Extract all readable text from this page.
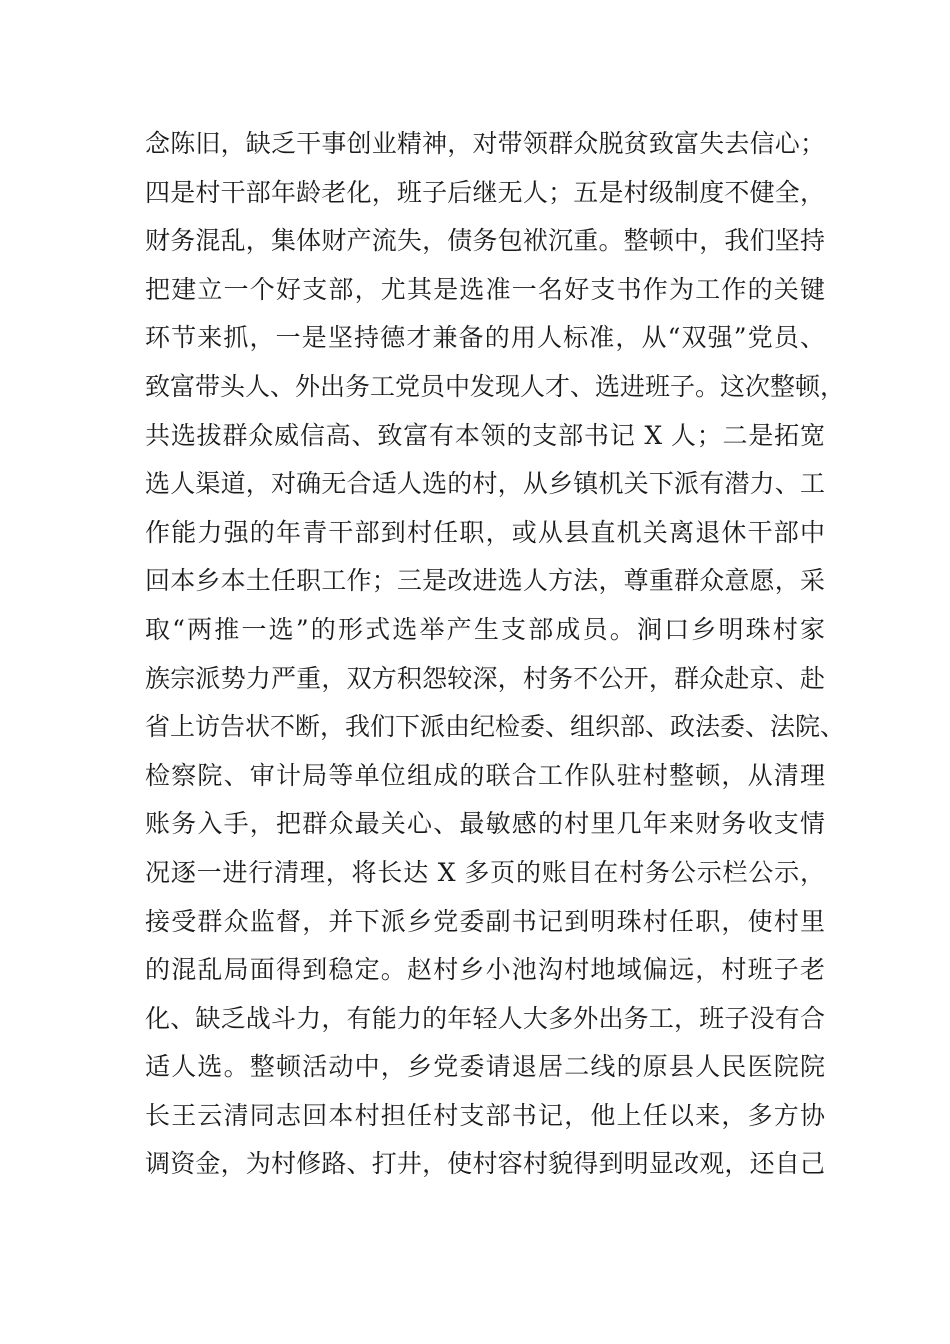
念陈旧，缺乏干事创业精神，对带领群众脱贫致富失去信心；
四是村干部年龄老化，班子后继无人；五是村级制度不健全，
财务混乱，集体财产流失，债务包袱沉重。整顿中，我们坚持
把建立一个好支部，尤其是选准一名好支书作为工作的关键
环节来抓，一是坚持德才兼备的用人标准，从“双强”党员、
致富带头人、外出务工党员中发现人才、选进班子。这次整顿，
共选拔群众威信高、致富有本领的支部书记 X 人；二是拓宽
选人渠道，对确无合适人选的村，从乡镇机关下派有潜力、工
作能力强的年青干部到村任职，或从县直机关离退休干部中
回本乡本土任职工作；三是改进选人方法，尊重群众意愿，采
取“两推一选”的形式选举产生支部成员。涧口乡明珠村家
族宗派势力严重，双方积怨较深，村务不公开，群众赴京、赴
省上访告状不断，我们下派由纪检委、组织部、政法委、法院、
检察院、审计局等单位组成的联合工作队驻村整顿，从清理
账务入手，把群众最关心、最敏感的村里几年来财务收支情
况逐一进行清理，将长达 X 多页的账目在村务公示栏公示，
接受群众监督，并下派乡党委副书记到明珠村任职，使村里
的混乱局面得到稳定。赵村乡小池沟村地域偏远，村班子老
化、缺乏战斗力，有能力的年轻人大多外出务工，班子没有合
适人选。整顿活动中，乡党委请退居二线的原县人民医院院
长王云清同志回本村担任村支部书记，他上任以来，多方协
调资金，为村修路、打井，使村容村貌得到明显改观，还自己
